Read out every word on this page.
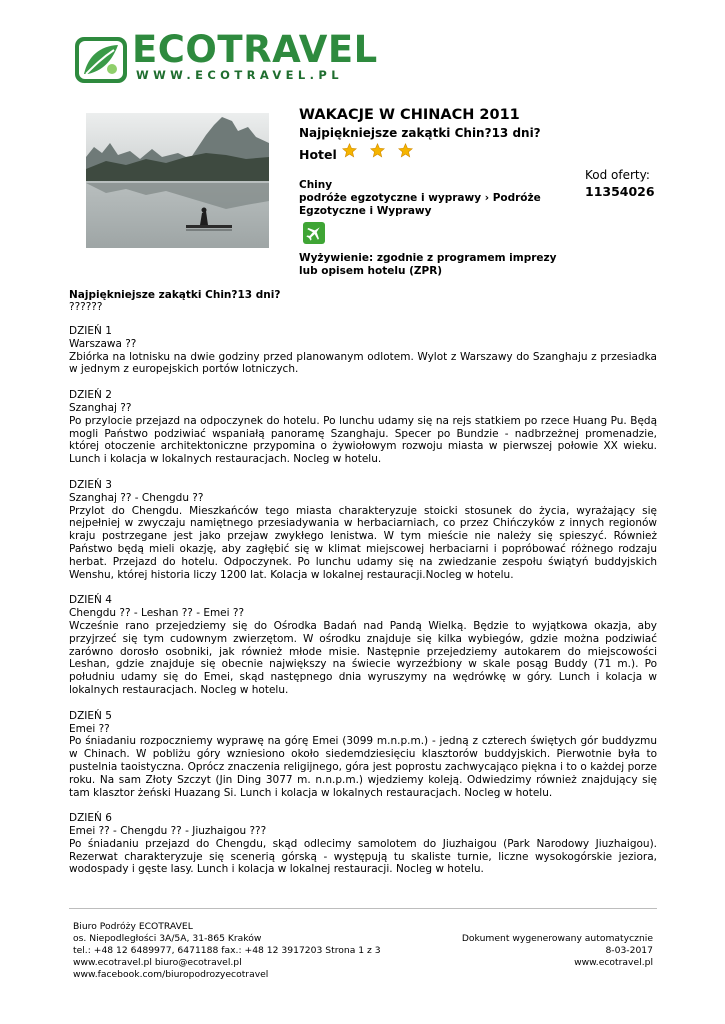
ECOTRAVEL
WWW.ECOTRAVEL.PL
WAKACJE W CHINACH 2011
Najpiękniejsze zakątki Chin?13 dni?
Hotel
Kod oferty:
11354026
Chiny
podróże egzotyczne i wyprawy › Podróże Egzotyczne i Wyprawy
Wyżywienie: zgodnie z programem imprezy lub opisem hotelu (ZPR)
Najpiękniejsze zakątki Chin?13 dni?
??????
DZIEŃ 1
Warszawa ??
Zbiórka na lotnisku na dwie godziny przed planowanym odlotem. Wylot z Warszawy do Szanghaju z przesiadka w jednym z europejskich portów lotniczych.
DZIEŃ 2
Szanghaj ??
Po przylocie przejazd na odpoczynek do hotelu. Po lunchu udamy się na rejs statkiem po rzece Huang Pu. Będą mogli Państwo podziwiać wspaniałą panoramę Szanghaju. Specer po Bundzie - nadbrzeżnej promenadzie, której otoczenie architektoniczne przypomina o żywiołowym rozwoju miasta w pierwszej połowie XX wieku. Lunch i kolacja w lokalnych restauracjach. Nocleg w hotelu.
DZIEŃ 3
Szanghaj ?? - Chengdu ??
Przylot do Chengdu. Mieszkańców tego miasta charakteryzuje stoicki stosunek do życia, wyrażający się nejpełniej w zwyczaju namiętnego przesiadywania w herbaciarniach, co przez Chińczyków z innych regionów kraju postrzegane jest jako przejaw zwykłego lenistwa. W tym mieście nie należy się spieszyć. Również Państwo będą mieli okazję, aby zagłębić się w klimat miejscowej herbaciarni i popróbować różnego rodzaju herbat. Przejazd do hotelu. Odpoczynek. Po lunchu udamy się na zwiedzanie zespołu świątyń buddyjskich Wenshu, której historia liczy 1200 lat. Kolacja w lokalnej restauracji.Nocleg w hotelu.
DZIEŃ 4
Chengdu ?? - Leshan ?? - Emei ??
Wcześnie rano przejedziemy się do Ośrodka Badań nad Pandą Wielką. Będzie to wyjątkowa okazja, aby przyjrzeć się tym cudownym zwierzętom. W ośrodku znajduje się kilka wybiegów, gdzie można podziwiać zarówno dorosło osobniki, jak również młode misie. Następnie przejedziemy autokarem do miejscowości Leshan, gdzie znajduje się obecnie największy na świecie wyrzeźbiony w skale posąg Buddy (71 m.). Po południu udamy się do Emei, skąd następnego dnia wyruszymy na wędrówkę w góry. Lunch i kolacja w lokalnych restauracjach. Nocleg w hotelu.
DZIEŃ 5
Emei ??
Po śniadaniu rozpoczniemy wyprawę na górę Emei (3099 m.n.p.m.) - jedną z czterech świętych gór buddyzmu w Chinach. W pobliżu góry wzniesiono około siedemdziesięciu klasztorów buddyjskich. Pierwotnie była to pustelnia taoistyczna. Oprócz znaczenia religijnego, góra jest poprostu zachwycająco piękna i to o każdej porze roku. Na sam Złoty Szczyt (Jin Ding 3077 m. n.n.p.m.) wjedziemy koleją. Odwiedzimy również znajdujący się tam klasztor żeński Huazang Si. Lunch i kolacja w lokalnych restauracjach. Nocleg w hotelu.
DZIEŃ 6
Emei ?? - Chengdu ?? - Jiuzhaigou ???
Po śniadaniu przejazd do Chengdu, skąd odlecimy samolotem do Jiuzhaigou (Park Narodowy Jiuzhaigou). Rezerwat charakteryzuje się scenerią górską - występują tu skaliste turnie, liczne wysokogórskie jeziora, wodospady i gęste lasy. Lunch i kolacja w lokalnej restauracji. Nocleg w hotelu.
Biuro Podróży ECOTRAVEL
os. Niepodległości 3A/5A, 31-865 Kraków
tel.: +48 12 6489977, 6471188 fax.: +48 12 3917203 Strona 1 z 3
www.ecotravel.pl biuro@ecotravel.pl
www.facebook.com/biuropodrozyecotravel
Dokument wygenerowany automatycznie
8-03-2017
www.ecotravel.pl
